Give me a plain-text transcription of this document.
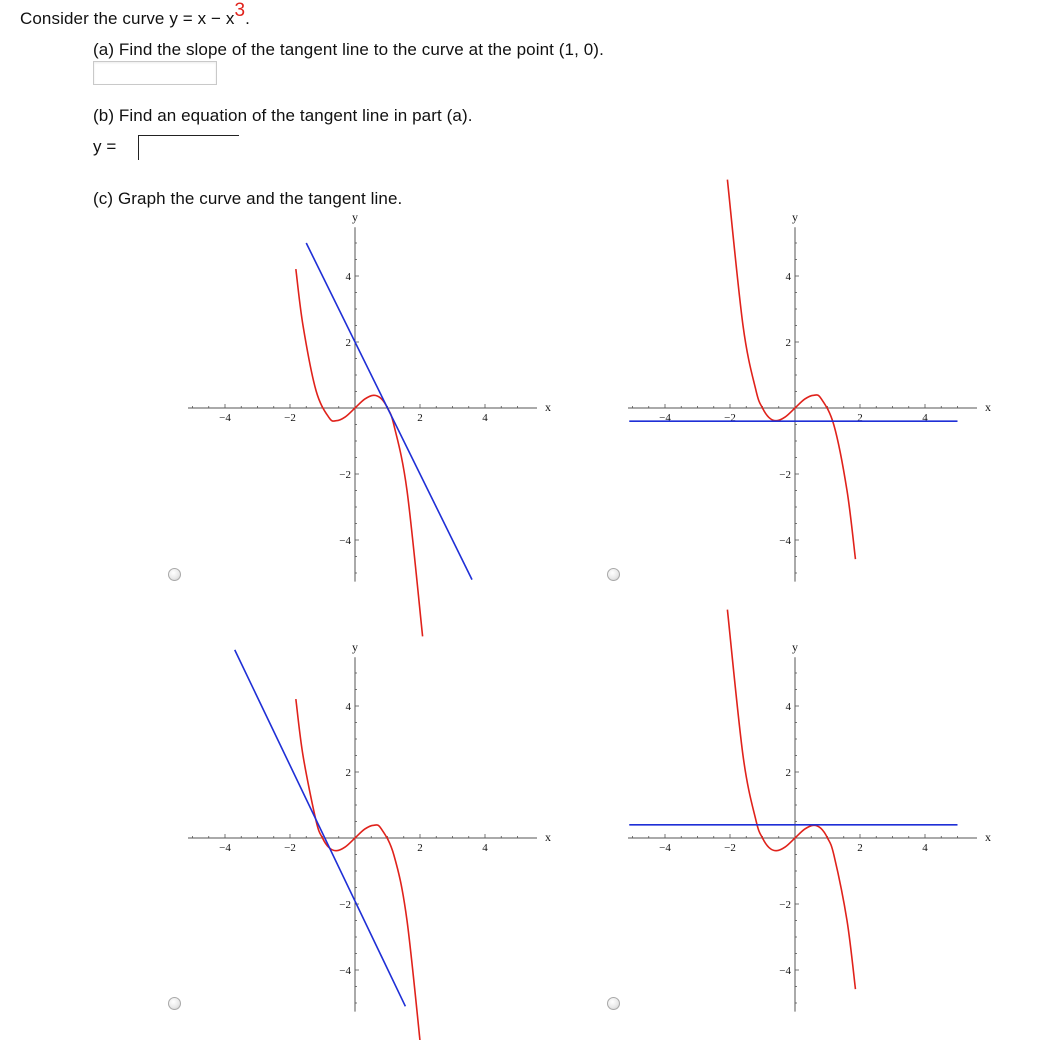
Consider the curve y = x − x3.
(a) Find the slope of the tangent line to the curve at the point (1, 0).
(b) Find an equation of the tangent line in part (a).
y =
(c) Graph the curve and the tangent line.
−4	−2	2	4
4
2
−2
−4
x
y
−4	−2	2	4
4
2
−2
−4
x
y
−4	−2	2	4
4
2
−2
−4
x
y
−4	−2	2	4
4
2
−2
−4
x
y
